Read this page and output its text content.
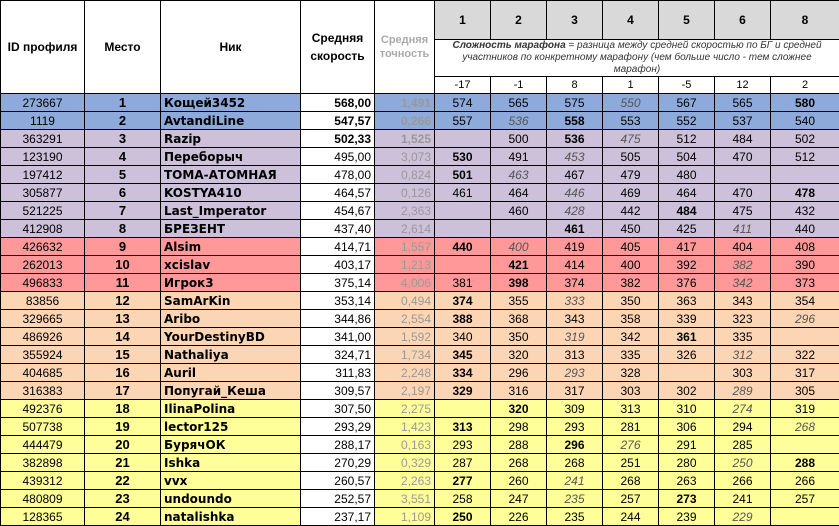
ID профиля	Место	Ник	Средняя скорость	Средняя точность	1	2	3	4	5	6	8
					Сложность марафона = разница между средней скоростью по БГ и средней участников по конкретному марафону (чем больше число - тем сложнее марафон)						
					-17	-1	8	1	-5	12	2
273667	1	Кощей3452	568,00	1,491	574	565	575	550	567	565	580
1119	2	AvtandiLine	547,57	0,266	557	536	558	553	552	537	540
363291	3	Razip	502,33	1,525		500	536	475	512	484	502
123190	4	Переборыч	495,00	3,073	530	491	453	505	504	470	512
197412	5	ТОМА-АТОМНАЯ	478,00	0,824	501	463	467	479	480		
305877	6	KOSTYA410	464,57	0,126	461	464	446	469	464	470	478
521225	7	Last_Imperator	454,67	2,363		460	428	442	484	475	432
412908	8	БРЕЗЕНТ	437,40	2,614			461	450	425	411	440
426632	9	Alsim	414,71	1,557	440	400	419	405	417	404	408
262013	10	xcislav	403,17	1,213		421	414	400	392	382	390
496833	11	Игрок3	375,14	4,006	381	398	374	382	376	342	373
83856	12	SamArKin	353,14	0,494	374	355	333	350	363	343	354
329665	13	Aribo	344,86	2,554	388	368	343	358	339	323	296
486926	14	YourDestinyBD	341,00	1,592	340	350	319	342	361	335	
355924	15	Nathaliya	324,71	1,734	345	320	313	335	326	312	322
404685	16	Auril	311,83	2,248	334	296	293	328		303	317
316383	17	Попугай_Кеша	309,57	2,197	329	316	317	303	302	289	305
492376	18	IlinaPolina	307,50	2,275		320	309	313	310	274	319
507738	19	lector125	293,29	1,423	313	298	293	281	306	294	268
444479	20	БурячОК	288,17	0,163	293	288	296	276	291	285	
382898	21	Ishka	270,29	0,329	287	268	268	251	280	250	288
439312	22	vvx	260,57	2,263	277	260	241	268	263	266	266
480809	23	undoundo	252,57	3,551	258	247	235	257	273	241	257
128365	24	natalishka	237,17	1,109	250	226	235	244	239	229	
